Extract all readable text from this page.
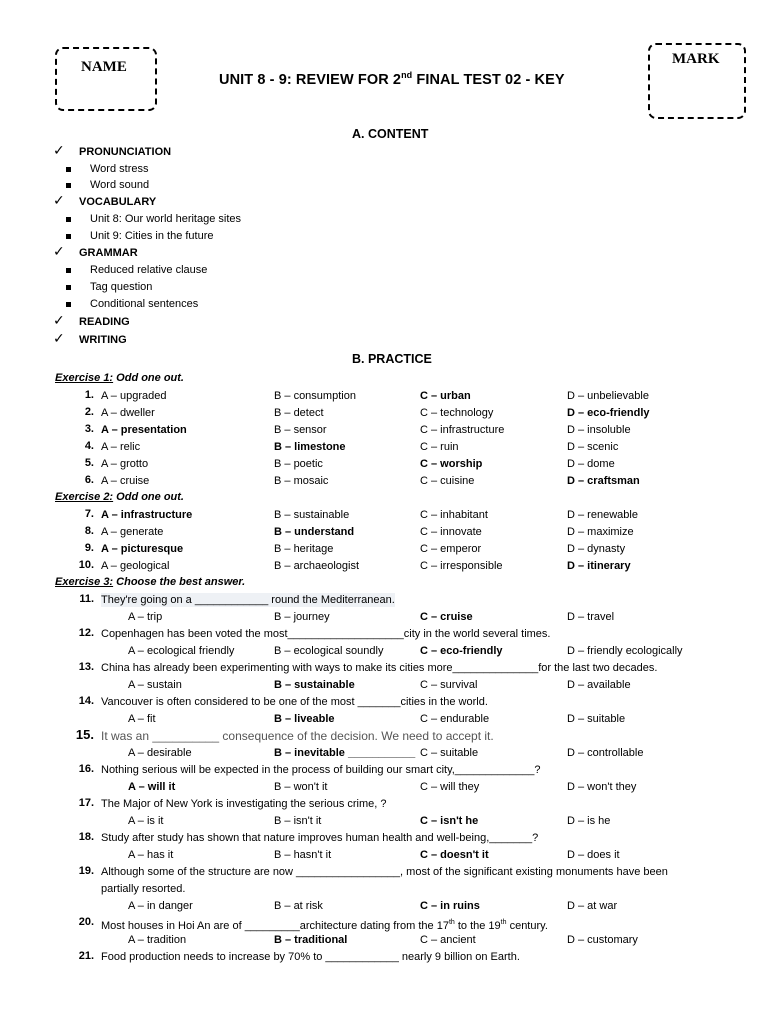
NAME	MARK
UNIT 8 - 9: REVIEW FOR 2nd FINAL TEST 02 - KEY
A. CONTENT
✓ PRONUNCIATION
Word stress
Word sound
✓ VOCABULARY
Unit 8: Our world heritage sites
Unit 9: Cities in the future
✓ GRAMMAR
Reduced relative clause
Tag question
Conditional sentences
✓ READING
✓ WRITING
B. PRACTICE
Exercise 1: Odd one out.
Exercise 2: Odd one out.
Exercise 3: Choose the best answer.
1. A – upgraded	B – consumption	C – urban	D – unbelievable
2. A – dweller	B – detect	C – technology	D – eco-friendly
3. A – presentation	B – sensor	C – infrastructure	D – insoluble
4. A – relic	B – limestone	C – ruin	D – scenic
5. A – grotto	B – poetic	C – worship	D – dome
6. A – cruise	B – mosaic	C – cuisine	D – craftsman
7. A – infrastructure	B – sustainable	C – inhabitant	D – renewable
8. A – generate	B – understand	C – innovate	D – maximize
9. A – picturesque	B – heritage	C – emperor	D – dynasty
10. A – geological	B – archaeologist	C – irresponsible	D – itinerary
11. They're going on a ____________ round the Mediterranean.
A – trip	B – journey	C – cruise	D – travel
12. Copenhagen has been voted the most___________________city in the world several times.
A – ecological friendly	B – ecological soundly	C – eco-friendly	D – friendly ecologically
13. China has already been experimenting with ways to make its cities more______________for the last two decades.
A – sustain	B – sustainable	C – survival	D – available
14. Vancouver is often considered to be one of the most _______cities in the world.
A – fit	B – liveable	C – endurable	D – suitable
15. It was an __________ consequence of the decision. We need to accept it.
A – desirable	B – inevitable ___________ C – suitable	D – controllable
16. Nothing serious will be expected in the process of building our smart city,_____________?
A – will it	B – won't it	C – will they	D – won't they
17. The Major of New York is investigating the serious crime, ?
A – is it	B – isn't it	C – isn't he	D – is he
18. Study after study has shown that nature improves human health and well-being,_______?
A – has it	B – hasn't it	C – doesn't it	D – does it
19. Although some of the structure are now _________________, most of the significant existing monuments have been
partially resorted.
A – in danger	B – at risk	C – in ruins	D – at war
20. Most houses in Hoi An are of _________architecture dating from the 17th to the 19th century.
A – tradition	B – traditional	C – ancient	D – customary
21. Food production needs to increase by 70% to ____________ nearly 9 billion on Earth.
